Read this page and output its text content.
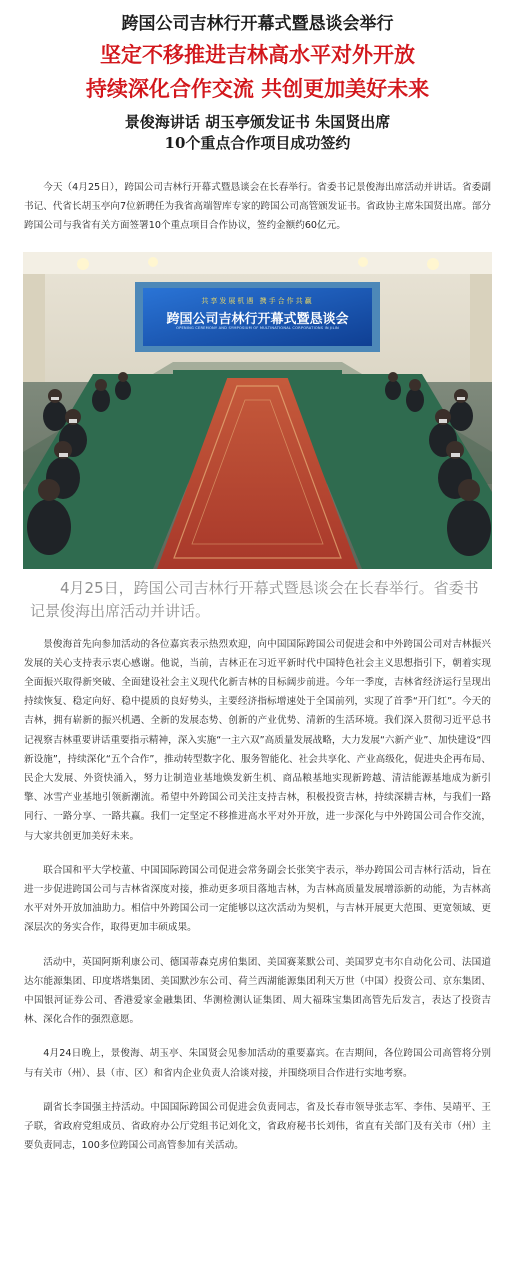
跨国公司吉林行开幕式暨恳谈会举行
坚定不移推进吉林高水平对外开放
持续深化合作交流 共创更加美好未来
景俊海讲话 胡玉亭颁发证书 朱国贤出席
10个重点合作项目成功签约

今天（4月25日），跨国公司吉林行开幕式暨恳谈会在长春举行。省委书记景俊海出席活动并讲话。省委副书记、代省长胡玉亭向7位新聘任为我省高端智库专家的跨国公司高管颁发证书。省政协主席朱国贤出席。部分跨国公司与我省有关方面签署10个重点项目合作协议，签约金额约60亿元。

共享发展机遇 携手合作共赢
跨国公司吉林行开幕式暨恳谈会
OPENING CEREMONY AND SYMPOSIUM OF MULTINATIONAL CORPORATIONS IN JILIN

4月25日，跨国公司吉林行开幕式暨恳谈会在长春举行。省委书记景俊海出席活动并讲话。

景俊海首先向参加活动的各位嘉宾表示热烈欢迎，向中国国际跨国公司促进会和中外跨国公司对吉林振兴发展的关心支持表示衷心感谢。他说，当前，吉林正在习近平新时代中国特色社会主义思想指引下，朝着实现全面振兴取得新突破、全面建设社会主义现代化新吉林的目标阔步前进。今年一季度，吉林省经济运行呈现出持续恢复、稳定向好、稳中提质的良好势头，主要经济指标增速处于全国前列，实现了首季“开门红”。今天的吉林，拥有崭新的振兴机遇、全新的发展态势、创新的产业优势、清新的生活环境。我们深入贯彻习近平总书记视察吉林重要讲话重要指示精神，深入实施“一主六双”高质量发展战略，大力发展“六新产业”、加快建设“四新设施”，持续深化“五个合作”，推动转型数字化、服务智能化、社会共享化、产业高级化，促进央企再布局、民企大发展、外资快涌入，努力让制造业基地焕发新生机、商品粮基地实现新跨越、清洁能源基地成为新引擎、冰雪产业基地引领新潮流。希望中外跨国公司关注支持吉林，积极投资吉林，持续深耕吉林，与我们一路同行、一路分享、一路共赢。我们一定坚定不移推进高水平对外开放，进一步深化与中外跨国公司合作交流，与大家共创更加美好未来。

联合国和平大学校董、中国国际跨国公司促进会常务副会长张笑宇表示，举办跨国公司吉林行活动，旨在进一步促进跨国公司与吉林省深度对接，推动更多项目落地吉林，为吉林高质量发展增添新的动能，为吉林高水平对外开放加油助力。相信中外跨国公司一定能够以这次活动为契机，与吉林开展更大范围、更宽领域、更深层次的务实合作，取得更加丰硕成果。

活动中，英国阿斯利康公司、德国蒂森克虏伯集团、美国赛莱默公司、美国罗克韦尔自动化公司、法国道达尔能源集团、印度塔塔集团、美国默沙东公司、荷兰西湖能源集团利天万世（中国）投资公司、京东集团、中国银河证券公司、香港爱家金融集团、华测检测认证集团、周大福珠宝集团高管先后发言，表达了投资吉林、深化合作的强烈意愿。

4月24日晚上，景俊海、胡玉亭、朱国贤会见参加活动的重要嘉宾。在吉期间，各位跨国公司高管将分别与有关市（州）、县（市、区）和省内企业负责人洽谈对接，并围绕项目合作进行实地考察。

副省长李国强主持活动。中国国际跨国公司促进会负责同志，省及长春市领导张志军、李伟、吴靖平、王子联，省政府党组成员、省政府办公厅党组书记刘化文，省政府秘书长刘伟，省直有关部门及有关市（州）主要负责同志，100多位跨国公司高管参加有关活动。
